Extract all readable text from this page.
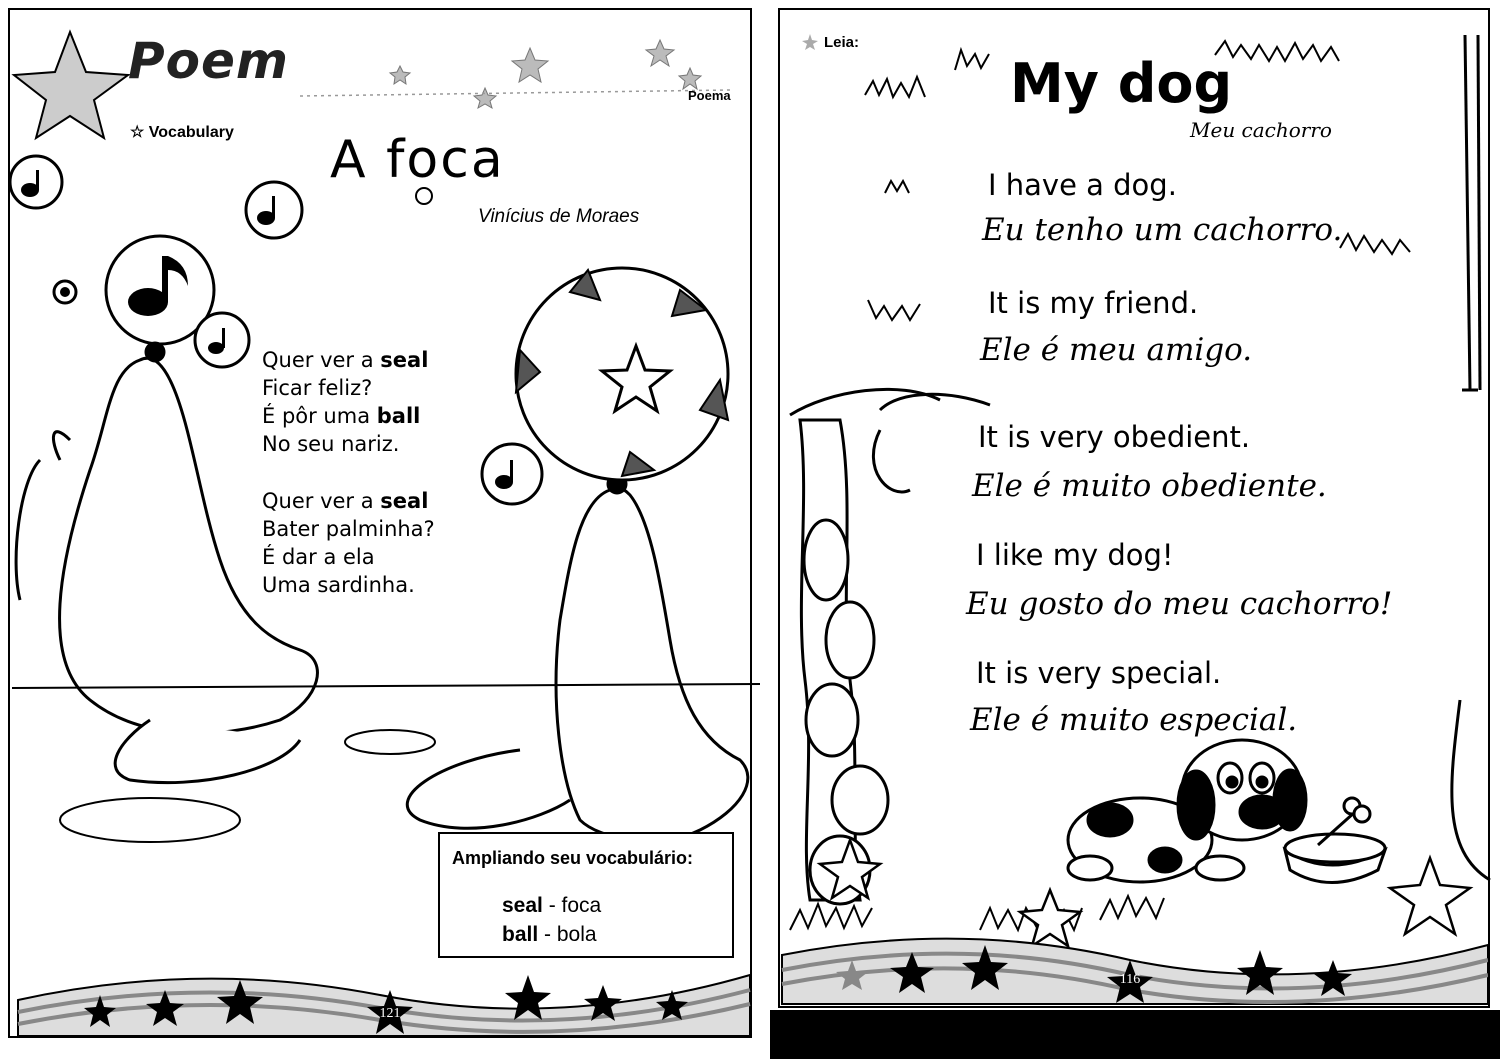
Poem
Poema
☆ Vocabulary A foca
Vinícius de Moraes
Quer ver a seal
Ficar feliz?
É pôr uma ball
No seu nariz.
Quer ver a seal
Bater palminha?
É dar a ela
Uma sardinha.
Ampliando seu vocabulário:
seal - foca
ball - bola
121
Leia:
My dog
Meu cachorro
I have a dog.
Eu tenho um cachorro.
It is my friend.
Ele é meu amigo.
It is very obedient.
Ele é muito obediente.
I like my dog!
Eu gosto do meu cachorro!
It is very special.
Ele é muito especial.
116
